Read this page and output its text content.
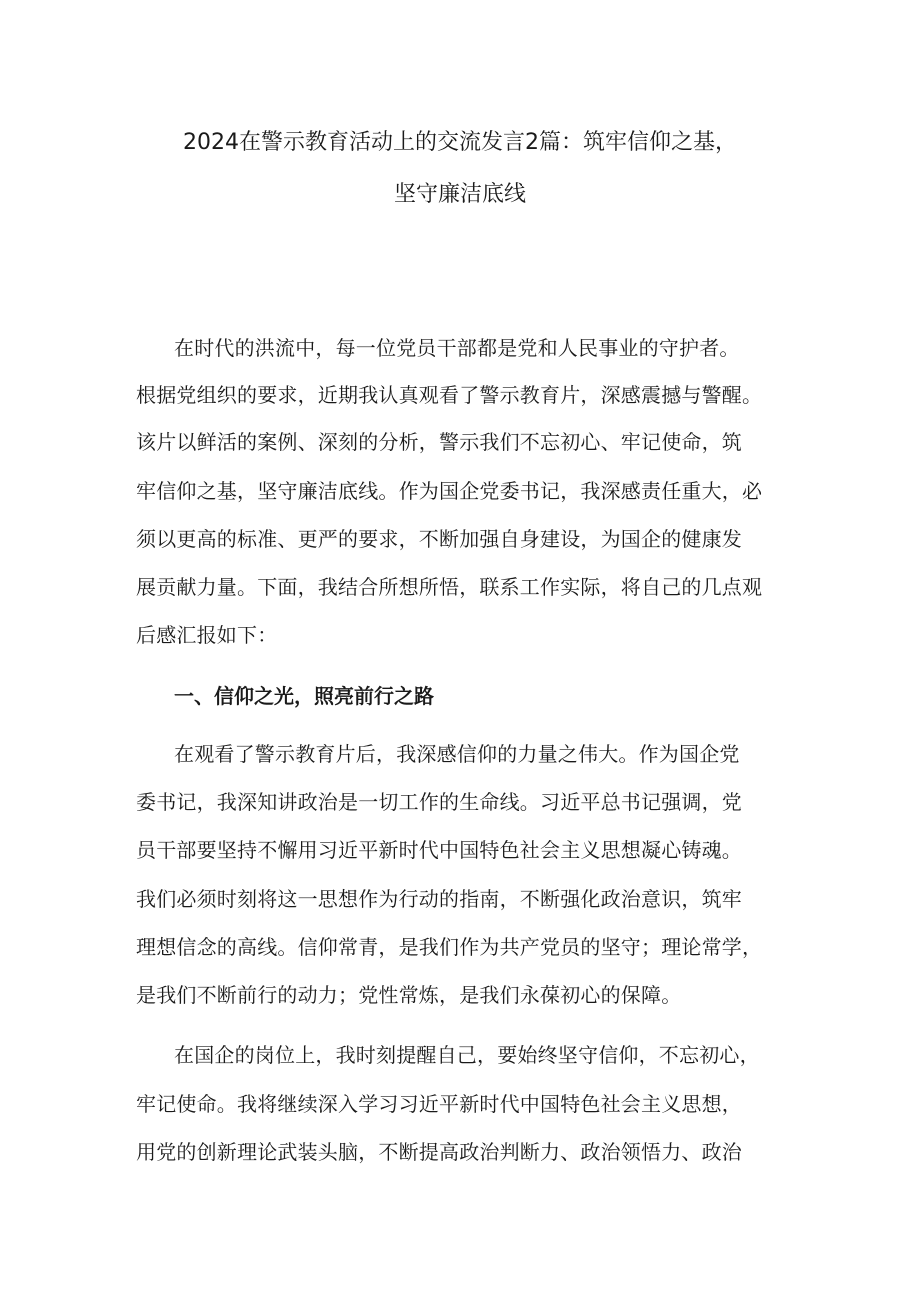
2024在警示教育活动上的交流发言2篇：筑牢信仰之基，
坚守廉洁底线
在时代的洪流中，每一位党员干部都是党和人民事业的守护者。
根据党组织的要求，近期我认真观看了警示教育片，深感震撼与警醒。
该片以鲜活的案例、深刻的分析，警示我们不忘初心、牢记使命，筑
牢信仰之基，坚守廉洁底线。作为国企党委书记，我深感责任重大，必
须以更高的标准、更严的要求，不断加强自身建设，为国企的健康发
展贡献力量。下面，我结合所想所悟，联系工作实际，将自己的几点观
后感汇报如下：
一、信仰之光，照亮前行之路
在观看了警示教育片后，我深感信仰的力量之伟大。作为国企党
委书记，我深知讲政治是一切工作的生命线。习近平总书记强调，党
员干部要坚持不懈用习近平新时代中国特色社会主义思想凝心铸魂。
我们必须时刻将这一思想作为行动的指南，不断强化政治意识，筑牢
理想信念的高线。信仰常青，是我们作为共产党员的坚守；理论常学，
是我们不断前行的动力；党性常炼，是我们永葆初心的保障。
在国企的岗位上，我时刻提醒自己，要始终坚守信仰，不忘初心，
牢记使命。我将继续深入学习习近平新时代中国特色社会主义思想，
用党的创新理论武装头脑，不断提高政治判断力、政治领悟力、政治
